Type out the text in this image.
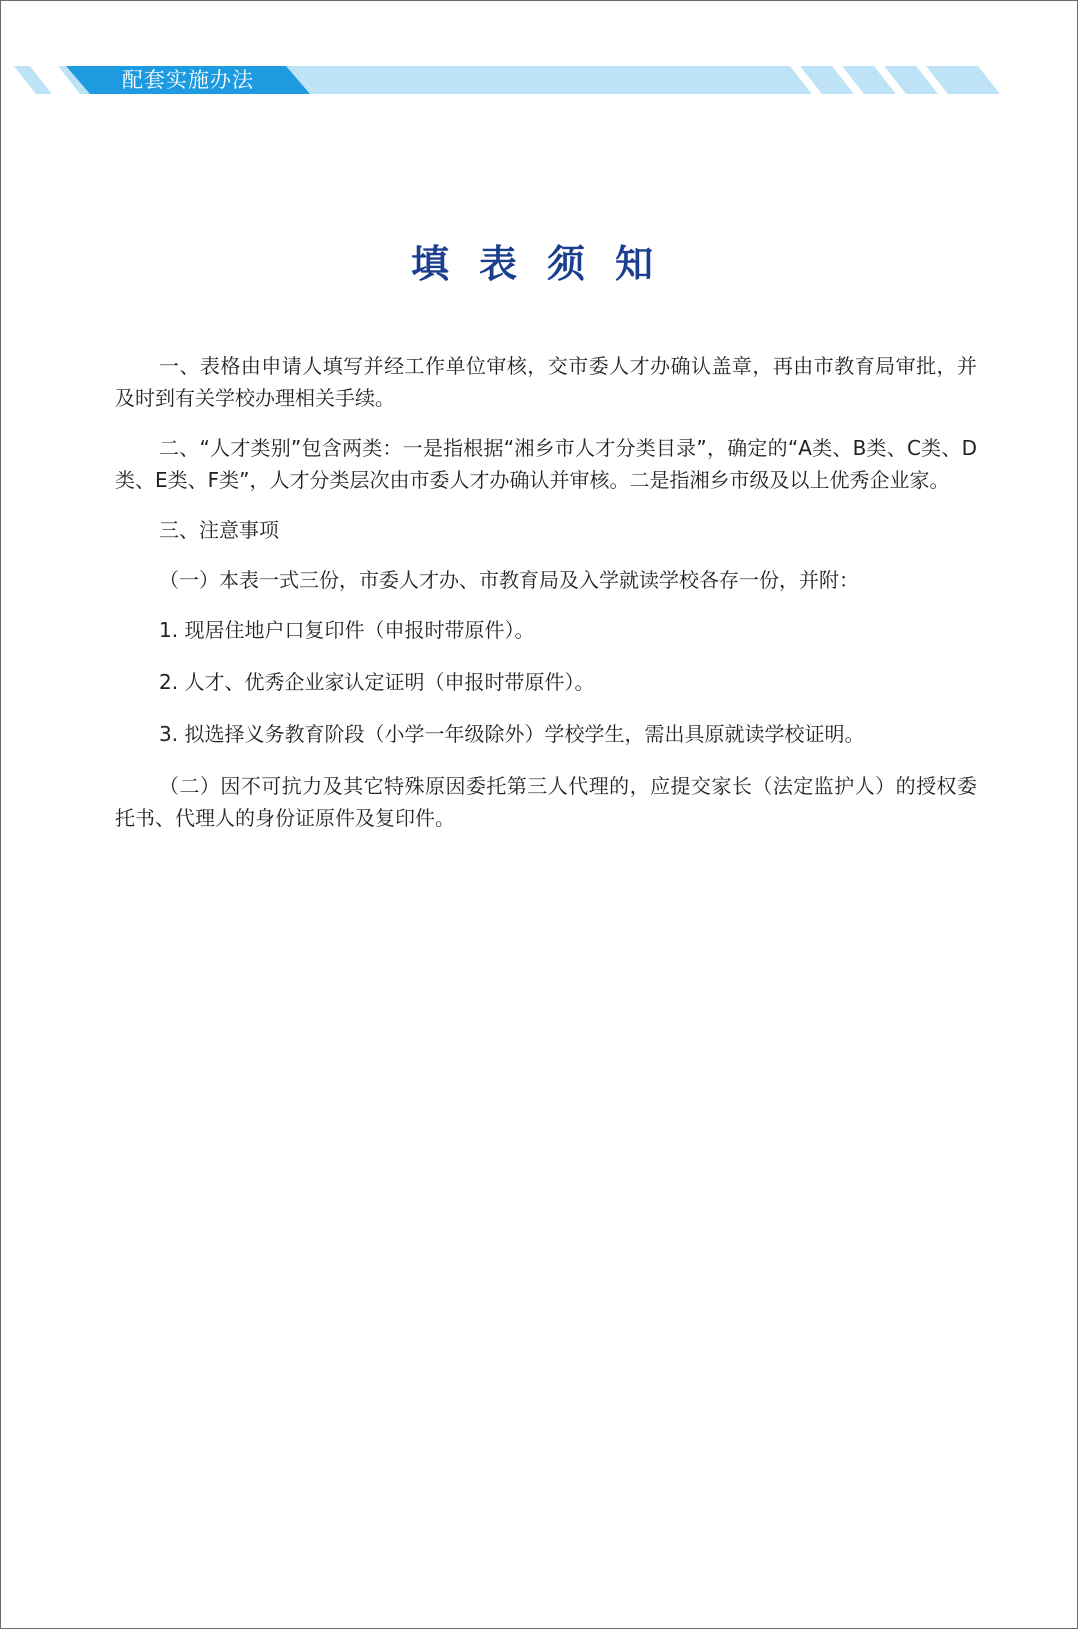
配套实施办法
填表须知

一、表格由申请人填写并经工作单位审核，交市委人才办确认盖章，再由市教育局审批，并及时到有关学校办理相关手续。

二、“人才类别”包含两类：一是指根据“湘乡市人才分类目录”，确定的“A类、B类、C类、D类、E类、F类”，人才分类层次由市委人才办确认并审核。二是指湘乡市级及以上优秀企业家。

三、注意事项

（一）本表一式三份，市委人才办、市教育局及入学就读学校各存一份，并附：

1. 现居住地户口复印件（申报时带原件）。

2. 人才、优秀企业家认定证明（申报时带原件）。

3. 拟选择义务教育阶段（小学一年级除外）学校学生，需出具原就读学校证明。

（二）因不可抗力及其它特殊原因委托第三人代理的，应提交家长（法定监护人）的授权委托书、代理人的身份证原件及复印件。
